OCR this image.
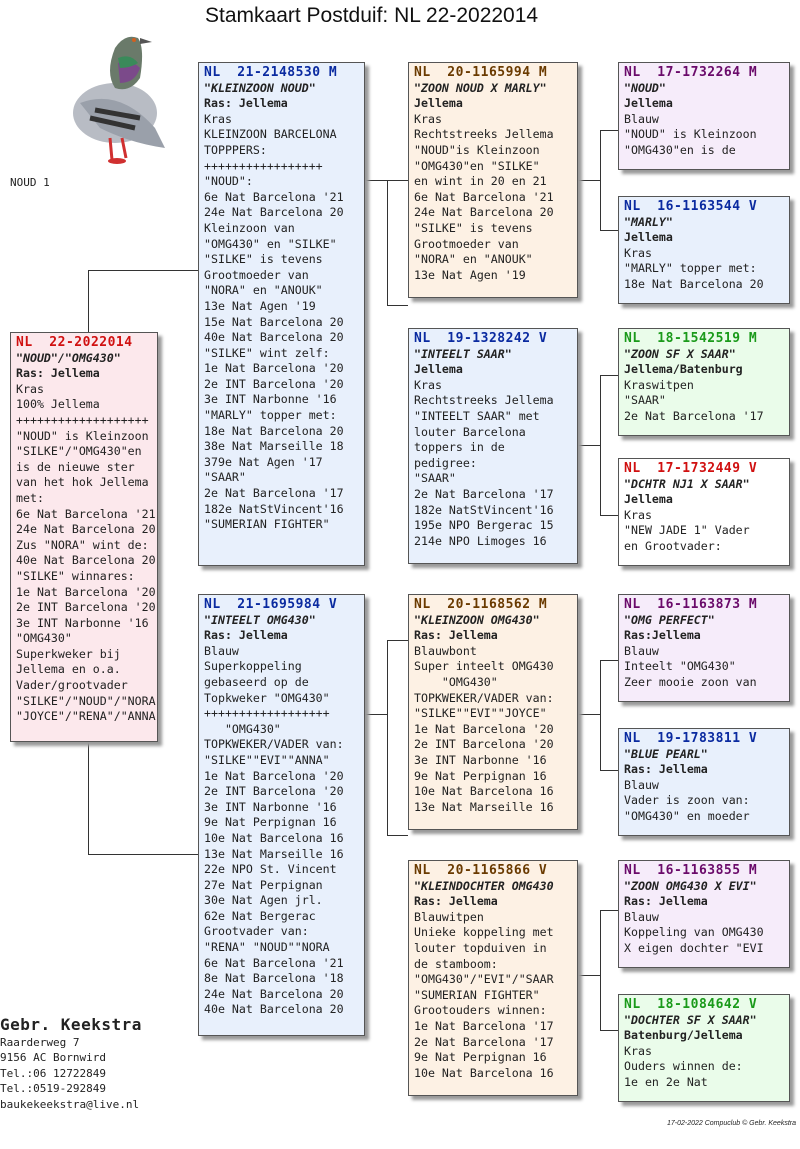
Stamkaart Postduif: NL 22-2022014
NOUD 1
NL  22-2022014
"NOUD"/"OMG430"
Ras: Jellema
Kras
100% Jellema
+++++++++++++++++++
"NOUD" is Kleinzoon
"SILKE"/"OMG430"en
is de nieuwe ster
van het hok Jellema
met:
6e Nat Barcelona '21
24e Nat Barcelona 20
Zus "NORA" wint de:
40e Nat Barcelona 20
"SILKE" winnares:
1e Nat Barcelona '20
2e INT Barcelona '20
3e INT Narbonne '16
"OMG430"
Superkweker bij
Jellema en o.a.
Vader/grootvader
"SILKE"/"NOUD"/"NORA
"JOYCE"/"RENA"/"ANNA
NL  21-2148530 M
"KLEINZOON NOUD"
Ras: Jellema
Kras
KLEINZOON BARCELONA
TOPPPERS:
+++++++++++++++++
"NOUD":
6e Nat Barcelona '21
24e Nat Barcelona 20
Kleinzoon van
"OMG430" en "SILKE"
"SILKE" is tevens
Grootmoeder van
"NORA" en "ANOUK"
13e Nat Agen '19
15e Nat Barcelona 20
40e Nat Barcelona 20
"SILKE" wint zelf:
1e Nat Barcelona '20
2e INT Barcelona '20
3e INT Narbonne '16
"MARLY" topper met:
18e Nat Barcelona 20
38e Nat Marseille 18
379e Nat Agen '17
"SAAR"
2e Nat Barcelona '17
182e NatStVincent'16
"SUMERIAN FIGHTER"
NL  21-1695984 V
"INTEELT OMG430"
Ras: Jellema
Blauw
Superkoppeling
gebaseerd op de
Topkweker "OMG430"
++++++++++++++++++
"OMG430"
TOPKWEKER/VADER van:
"SILKE""EVI""ANNA"
1e Nat Barcelona '20
2e INT Barcelona '20
3e INT Narbonne '16
9e Nat Perpignan 16
10e Nat Barcelona 16
13e Nat Marseille 16
22e NPO St. Vincent
27e Nat Perpignan
30e Nat Agen jrl.
62e Nat Bergerac
Grootvader van:
"RENA" "NOUD""NORA
6e Nat Barcelona '21
8e Nat Barcelona '18
24e Nat Barcelona 20
40e Nat Barcelona 20
NL  20-1165994 M
"ZOON NOUD X MARLY"
Jellema
Kras
Rechtstreeks Jellema
"NOUD"is Kleinzoon
"OMG430"en "SILKE"
en wint in 20 en 21
6e Nat Barcelona '21
24e Nat Barcelona 20
"SILKE" is tevens
Grootmoeder van
"NORA" en "ANOUK"
13e Nat Agen '19
NL  19-1328242 V
"INTEELT SAAR"
Jellema
Kras
Rechtstreeks Jellema
"INTEELT SAAR" met
louter Barcelona
toppers in de
pedigree:
"SAAR"
2e Nat Barcelona '17
182e NatStVincent'16
195e NPO Bergerac 15
214e NPO Limoges 16
NL  20-1168562 M
"KLEINZOON OMG430"
Ras: Jellema
Blauwbont
Super inteelt OMG430
"OMG430"
TOPKWEKER/VADER van:
"SILKE""EVI""JOYCE"
1e Nat Barcelona '20
2e INT Barcelona '20
3e INT Narbonne '16
9e Nat Perpignan 16
10e Nat Barcelona 16
13e Nat Marseille 16
NL  20-1165866 V
"KLEINDOCHTER OMG430
Ras: Jellema
Blauwitpen
Unieke koppeling met
louter topduiven in
de stamboom:
"OMG430"/"EVI"/"SAAR
"SUMERIAN FIGHTER"
Grootouders winnen:
1e Nat Barcelona '17
2e Nat Barcelona '17
9e Nat Perpignan 16
10e Nat Barcelona 16
NL  17-1732264 M
"NOUD"
Jellema
Blauw
"NOUD" is Kleinzoon
"OMG430"en is de
NL  16-1163544 V
"MARLY"
Jellema
Kras
"MARLY" topper met:
18e Nat Barcelona 20
NL  18-1542519 M
"ZOON SF X SAAR"
Jellema/Batenburg
Kraswitpen
"SAAR"
2e Nat Barcelona '17
NL  17-1732449 V
"DCHTR NJ1 X SAAR"
Jellema
Kras
"NEW JADE 1" Vader
en Grootvader:
NL  16-1163873 M
"OMG PERFECT"
Ras:Jellema
Blauw
Inteelt "OMG430"
Zeer mooie zoon van
NL  19-1783811 V
"BLUE PEARL"
Ras: Jellema
Blauw
Vader is zoon van:
"OMG430" en moeder
NL  16-1163855 M
"ZOON OMG430 X EVI"
Ras: Jellema
Blauw
Koppeling van OMG430
X eigen dochter "EVI
NL  18-1084642 V
"DOCHTER SF X SAAR"
Batenburg/Jellema
Kras
Ouders winnen de:
1e en 2e Nat
Gebr. Keekstra
Raarderweg 7
9156 AC Bornwird
Tel.:06 12722849
Tel.:0519-292849
baukekeekstra@live.nl
17-02-2022 Compuclub © Gebr. Keekstra
